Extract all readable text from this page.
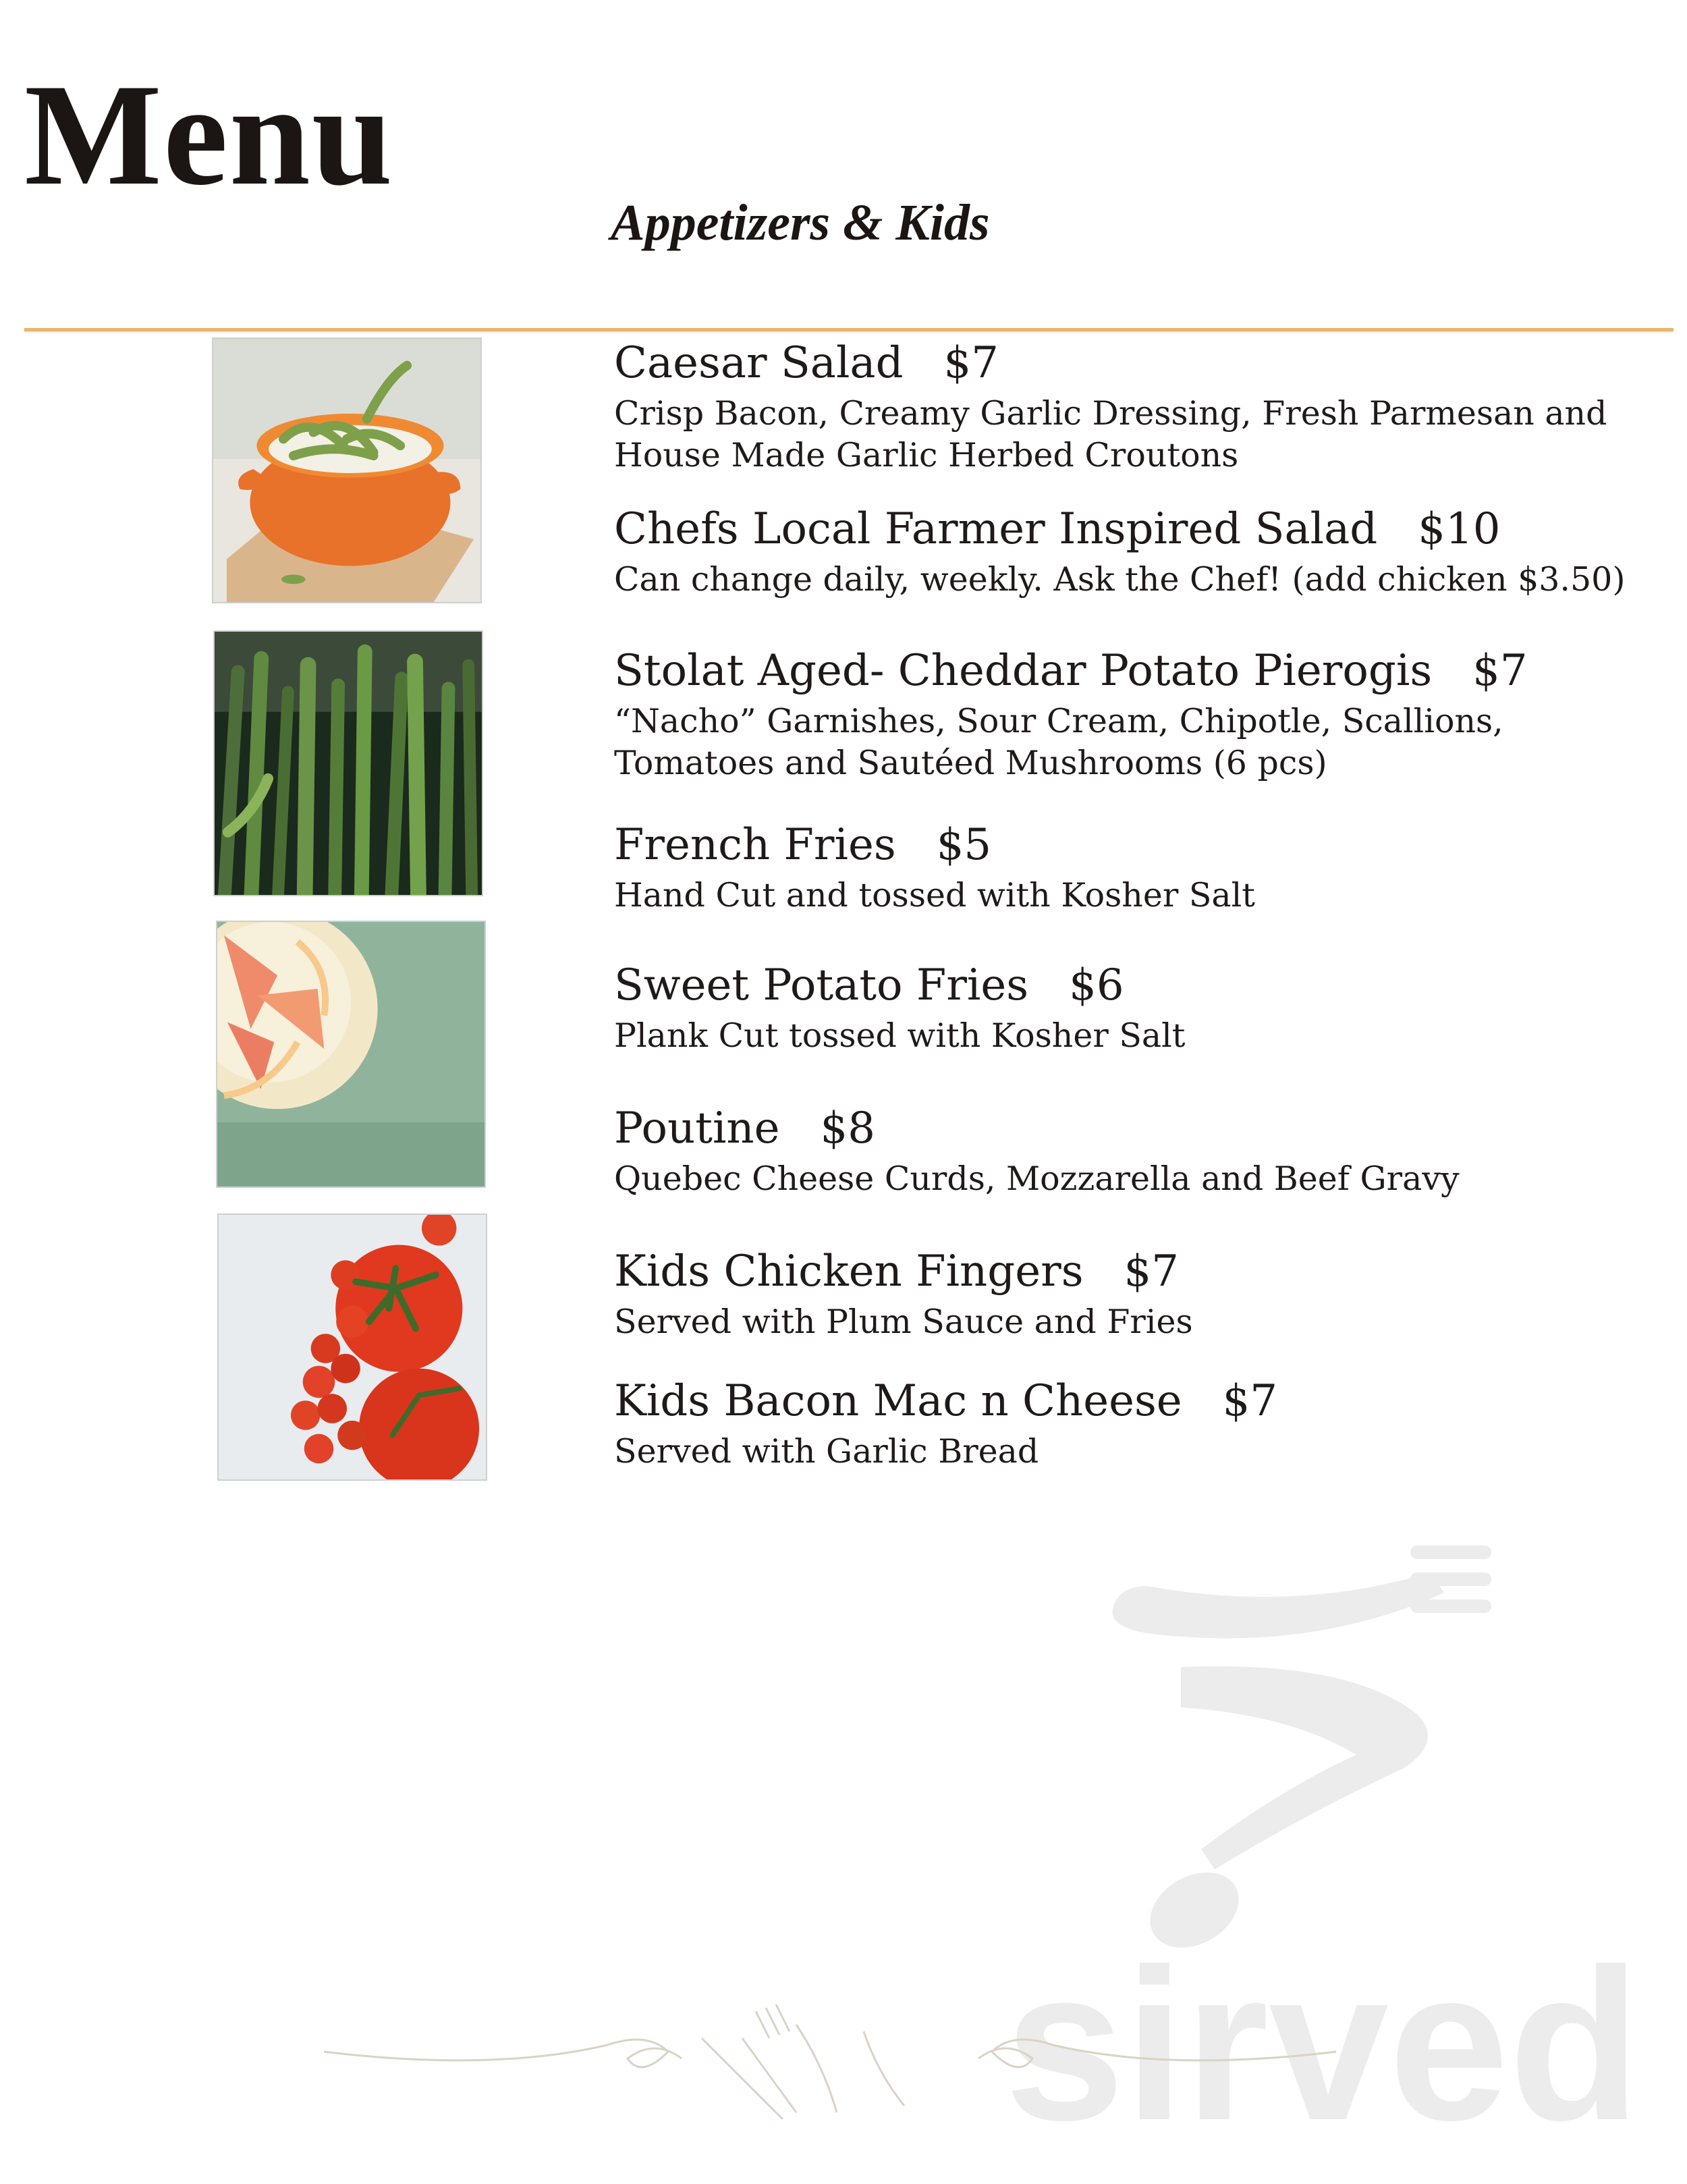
Menu
Appetizers & Kids
Caesar Salad $7
Crisp Bacon, Creamy Garlic Dressing, Fresh Parmesan and House Made Garlic Herbed Croutons
Chefs Local Farmer Inspired Salad $10
Can change daily, weekly. Ask the Chef! (add chicken $3.50)
Stolat Aged- Cheddar Potato Pierogis $7
“Nacho” Garnishes, Sour Cream, Chipotle, Scallions, Tomatoes and Sautéed Mushrooms (6 pcs)
French Fries $5
Hand Cut and tossed with Kosher Salt
Sweet Potato Fries $6
Plank Cut tossed with Kosher Salt
Poutine $8
Quebec Cheese Curds, Mozzarella and Beef Gravy
Kids Chicken Fingers $7
Served with Plum Sauce and Fries
Kids Bacon Mac n Cheese $7
Served with Garlic Bread
sirved
